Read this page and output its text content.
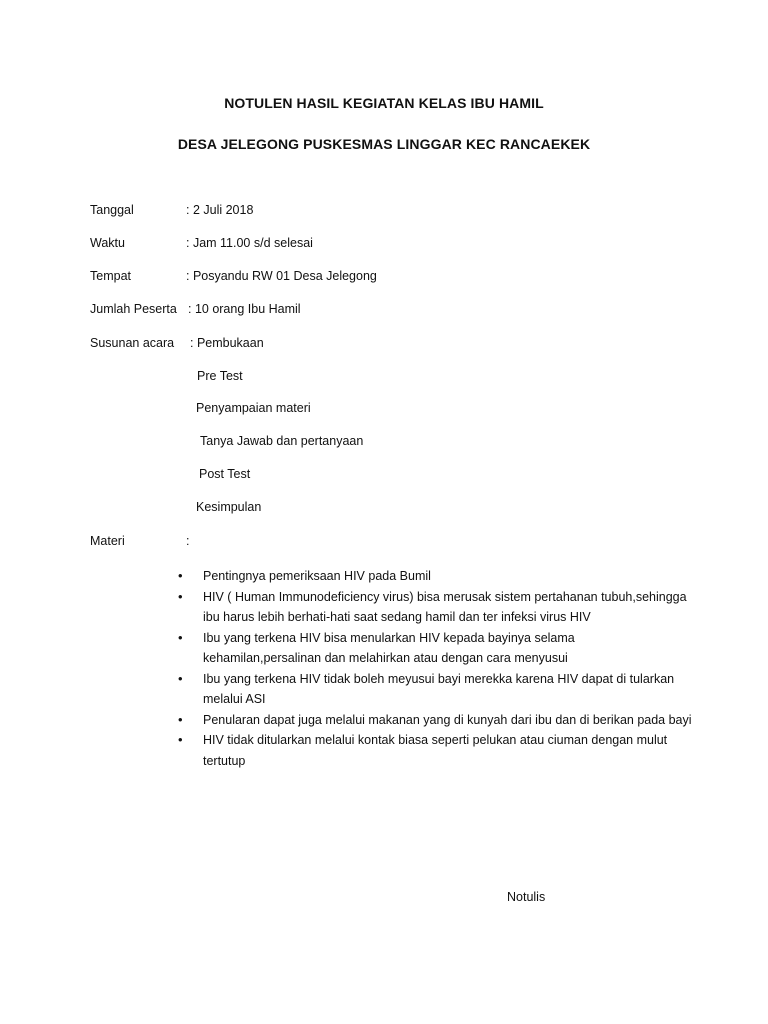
NOTULEN HASIL KEGIATAN KELAS IBU HAMIL
DESA JELEGONG PUSKESMAS LINGGAR KEC RANCAEKEK
Tanggal	: 2 Juli 2018
Waktu	: Jam 11.00 s/d selesai
Tempat	: Posyandu RW 01 Desa Jelegong
Jumlah Peserta : 10 orang Ibu Hamil
Susunan acara : Pembukaan
Pre Test
Penyampaian materi
Tanya Jawab dan pertanyaan
Post Test
Kesimpulan
Materi	:
• Pentingnya pemeriksaan HIV pada Bumil
• HIV ( Human Immunodeficiency virus) bisa merusak sistem pertahanan tubuh,sehingga ibu harus lebih berhati-hati saat sedang hamil dan ter infeksi virus HIV
• Ibu yang terkena HIV bisa menularkan HIV kepada bayinya selama kehamilan,persalinan dan melahirkan atau dengan cara menyusui
• Ibu yang terkena HIV tidak boleh meyusui bayi merekka karena HIV dapat di tularkan melalui ASI
• Penularan dapat juga melalui makanan yang di kunyah dari ibu dan di berikan pada bayi
• HIV tidak ditularkan melalui kontak biasa seperti pelukan atau ciuman dengan mulut tertutup
Notulis
